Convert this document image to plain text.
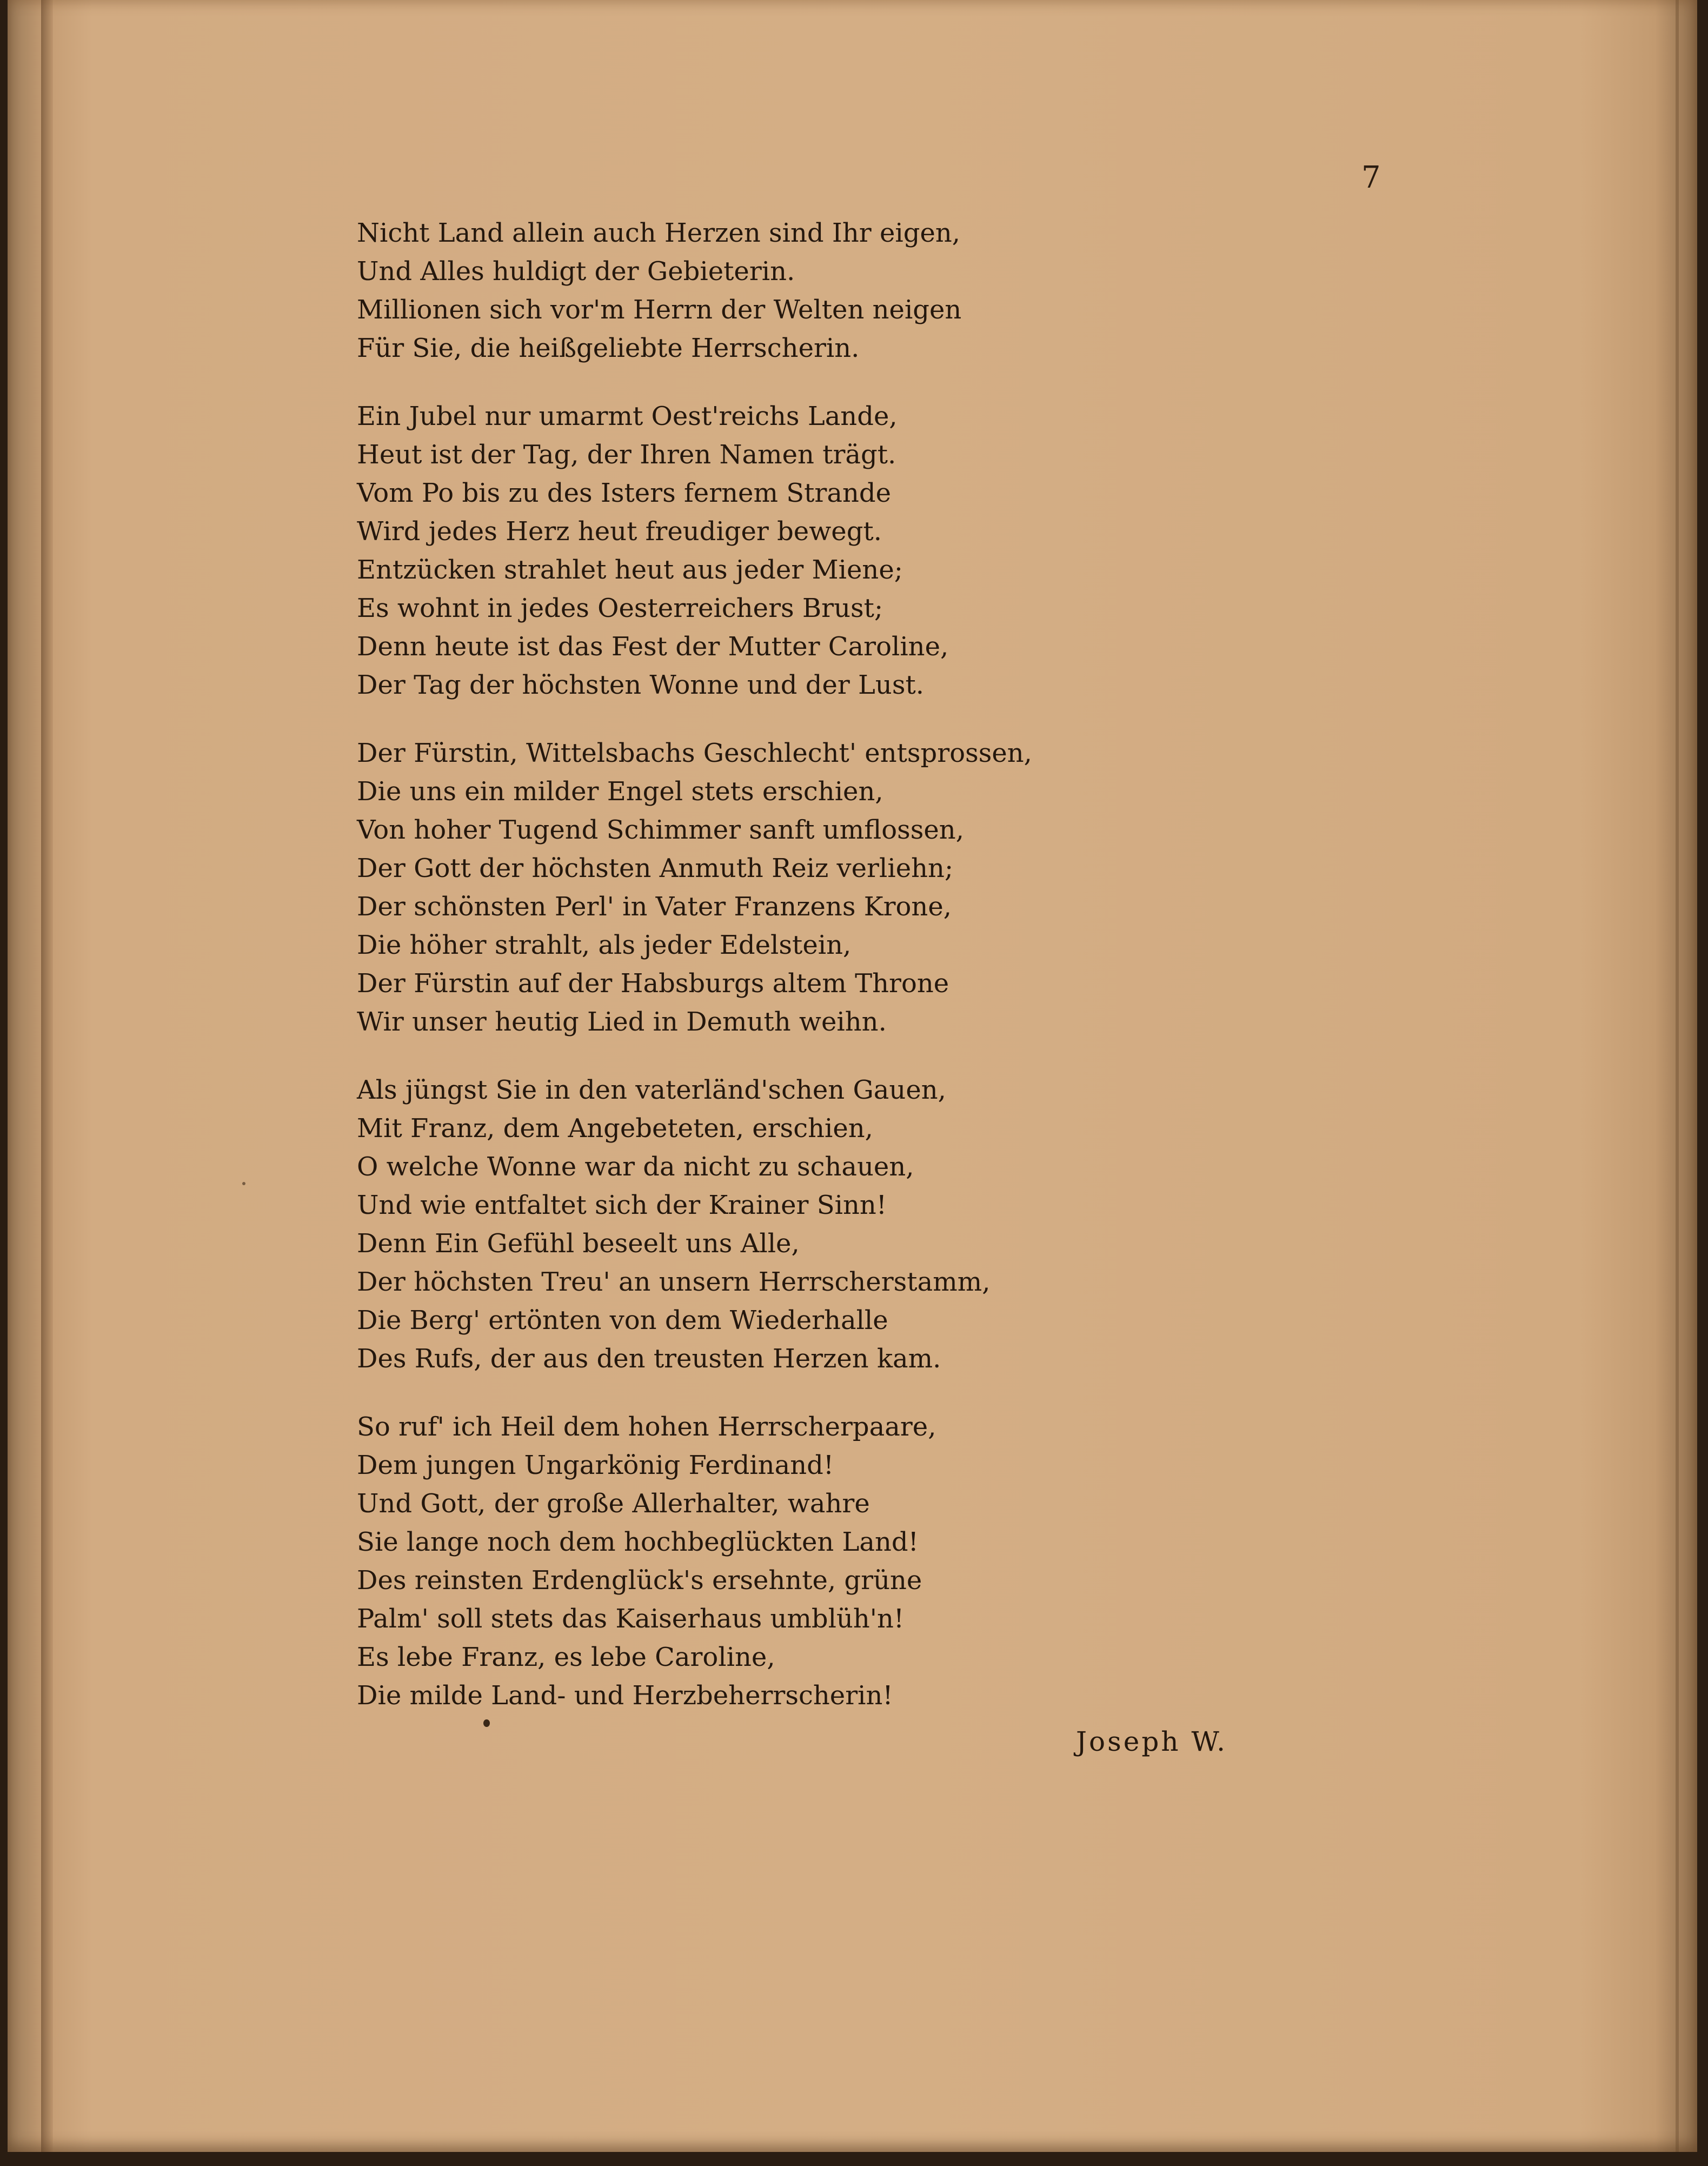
7
Nicht Land allein auch Herzen sind Ihr eigen,
Und Alles huldigt der Gebieterin.
Millionen sich vor'm Herrn der Welten neigen
Für Sie, die heißgeliebte Herrscherin.
Ein Jubel nur umarmt Oest'reichs Lande,
Heut ist der Tag, der Ihren Namen trägt.
Vom Po bis zu des Isters fernem Strande
Wird jedes Herz heut freudiger bewegt.
Entzücken strahlet heut aus jeder Miene;
Es wohnt in jedes Oesterreichers Brust;
Denn heute ist das Fest der Mutter Caroline,
Der Tag der höchsten Wonne und der Lust.
Der Fürstin, Wittelsbachs Geschlecht' entsprossen,
Die uns ein milder Engel stets erschien,
Von hoher Tugend Schimmer sanft umflossen,
Der Gott der höchsten Anmuth Reiz verliehn;
Der schönsten Perl' in Vater Franzens Krone,
Die höher strahlt, als jeder Edelstein,
Der Fürstin auf der Habsburgs altem Throne
Wir unser heutig Lied in Demuth weihn.
Als jüngst Sie in den vaterländ'schen Gauen,
Mit Franz, dem Angebeteten, erschien,
O welche Wonne war da nicht zu schauen,
Und wie entfaltet sich der Krainer Sinn!
Denn Ein Gefühl beseelt uns Alle,
Der höchsten Treu' an unsern Herrscherstamm,
Die Berg' ertönten von dem Wiederhalle
Des Rufs, der aus den treusten Herzen kam.
So ruf' ich Heil dem hohen Herrscherpaare,
Dem jungen Ungarkönig Ferdinand!
Und Gott, der große Allerhalter, wahre
Sie lange noch dem hochbeglückten Land!
Des reinsten Erdenglück's ersehnte, grüne
Palm' soll stets das Kaiserhaus umblüh'n!
Es lebe Franz, es lebe Caroline,
Die milde Land- und Herzbeherrscherin!
Joseph W.
